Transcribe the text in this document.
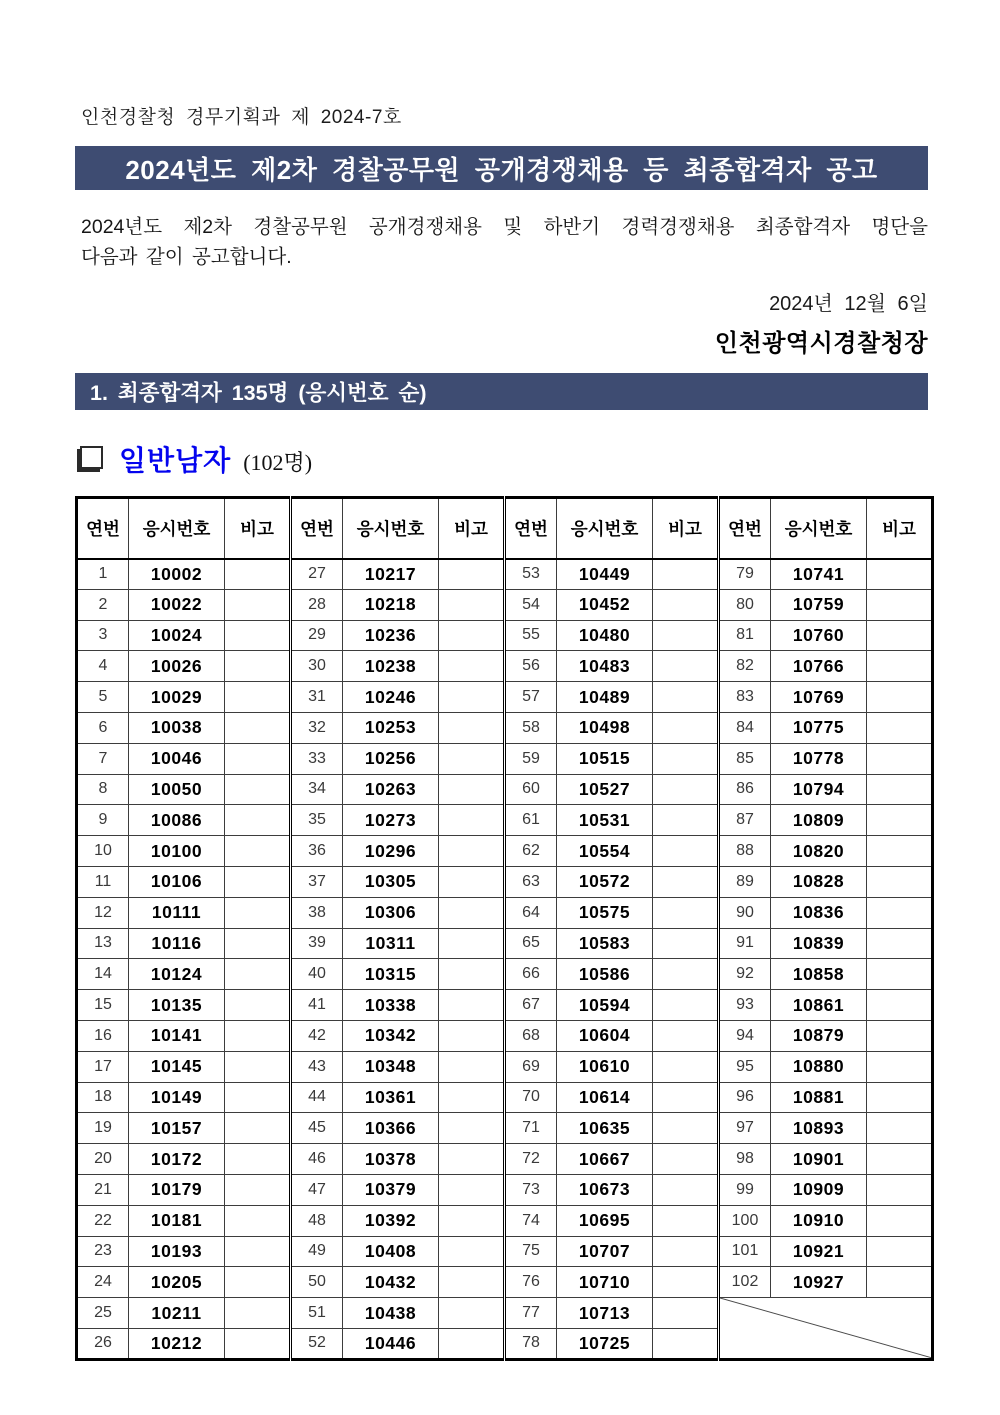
인천경찰청 경무기획과 제 2024-7호
2024년도 제2차 경찰공무원 공개경쟁채용 등 최종합격자 공고
2024년도 제2차 경찰공무원 공개경쟁채용 및 하반기 경력경쟁채용 최종합격자 명단을
다음과 같이 공고합니다.
2024년 12월 6일
인천광역시경찰청장
1. 최종합격자 135명 (응시번호 순)
일반남자 (102명)
연번	응시번호	비고	연번	응시번호	비고	연번	응시번호	비고	연번	응시번호	비고
1	10002		27	10217		53	10449		79	10741	
2	10022		28	10218		54	10452		80	10759	
3	10024		29	10236		55	10480		81	10760	
4	10026		30	10238		56	10483		82	10766	
5	10029		31	10246		57	10489		83	10769	
6	10038		32	10253		58	10498		84	10775	
7	10046		33	10256		59	10515		85	10778	
8	10050		34	10263		60	10527		86	10794	
9	10086		35	10273		61	10531		87	10809	
10	10100		36	10296		62	10554		88	10820	
11	10106		37	10305		63	10572		89	10828	
12	10111		38	10306		64	10575		90	10836	
13	10116		39	10311		65	10583		91	10839	
14	10124		40	10315		66	10586		92	10858	
15	10135		41	10338		67	10594		93	10861	
16	10141		42	10342		68	10604		94	10879	
17	10145		43	10348		69	10610		95	10880	
18	10149		44	10361		70	10614		96	10881	
19	10157		45	10366		71	10635		97	10893	
20	10172		46	10378		72	10667		98	10901	
21	10179		47	10379		73	10673		99	10909	
22	10181		48	10392		74	10695		100	10910	
23	10193		49	10408		75	10707		101	10921	
24	10205		50	10432		76	10710		102	10927	
25	10211		51	10438		77	10713		

26	10212		52	10446		78	10725				
